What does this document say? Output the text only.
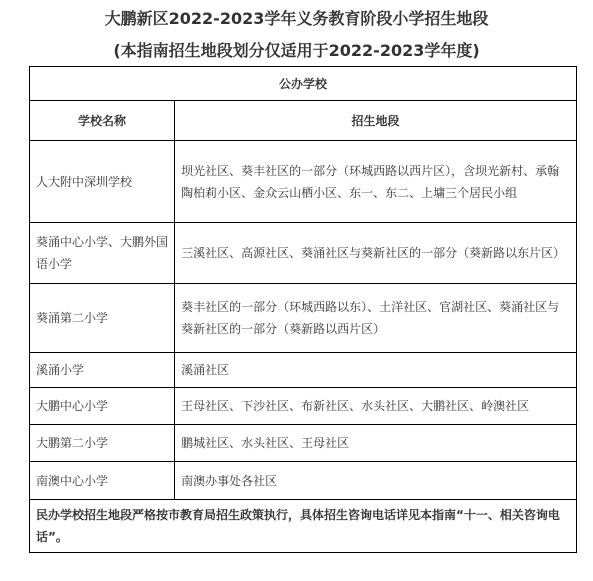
大鹏新区2022-2023学年义务教育阶段小学招生地段
(本指南招生地段划分仅适用于2022-2023学年度)
公办学校	
学校名称	招生地段
人大附中深圳学校	坝光社区、葵丰社区的一部分（环城西路以西片区），含坝光新村、承翰陶柏莉小区、金众云山栖小区、东一、东二、上墉三个居民小组
葵涌中心小学、大鹏外国语小学	三溪社区、高源社区、葵涌社区与葵新社区的一部分（葵新路以东片区）
葵涌第二小学	葵丰社区的一部分（环城西路以东）、土洋社区、官湖社区、葵涌社区与葵新社区的一部分（葵新路以西片区）
溪涌小学	溪涌社区
大鹏中心小学	王母社区、下沙社区、布新社区、水头社区、大鹏社区、岭澳社区
大鹏第二小学	鹏城社区、水头社区、王母社区
南澳中心小学	南澳办事处各社区
民办学校招生地段严格按市教育局招生政策执行，具体招生咨询电话详见本指南“十一、相关咨询电话”。	
